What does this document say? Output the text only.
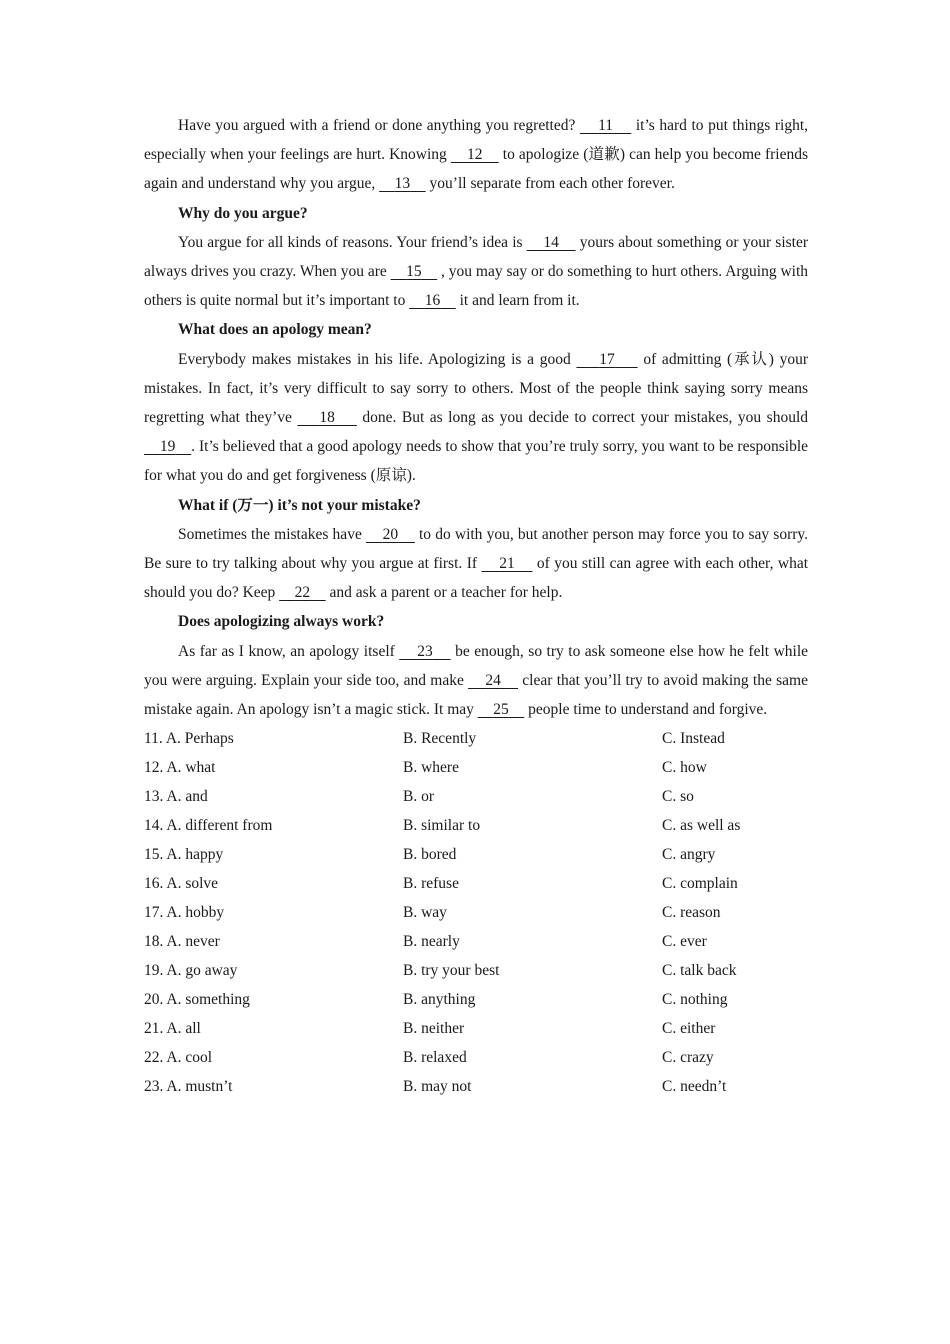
Have you argued with a friend or done anything you regretted?     11     it’s hard to put things right, especially when your feelings are hurt. Knowing     12     to apologize (道歉) can help you become friends again and understand why you argue,     13     you’ll separate from each other forever.

Why do you argue?

You argue for all kinds of reasons. Your friend’s idea is     14     yours about something or your sister always drives you crazy. When you are     15     , you may say or do something to hurt others. Arguing with others is quite normal but it’s important to     16     it and learn from it.

What does an apology mean?

Everybody makes mistakes in his life. Apologizing is a good     17     of admitting (承认) your mistakes. In fact, it’s very difficult to say sorry to others. Most of the people think saying sorry means regretting what they’ve     18     done. But as long as you decide to correct your mistakes, you should     19 . It’s believed that a good apology needs to show that you’re truly sorry, you want to be responsible for what you do and get forgiveness (原谅).

What if (万一) it’s not your mistake?

Sometimes the mistakes have     20     to do with you, but another person may force you to say sorry. Be sure to try talking about why you argue at first. If     21     of you still can agree with each other, what should you do? Keep     22     and ask a parent or a teacher for help.

Does apologizing always work?

As far as I know, an apology itself     23     be enough, so try to ask someone else how he felt while you were arguing. Explain your side too, and make     24     clear that you’ll try to avoid making the same mistake again. An apology isn’t a magic stick. It may     25     people time to understand and forgive.

11. A. Perhaps	B. Recently	C. Instead
12. A. what	B. where	C. how
13. A. and	B. or	C. so
14. A. different from	B. similar to	C. as well as
15. A. happy	B. bored	C. angry
16. A. solve	B. refuse	C. complain
17. A. hobby	B. way	C. reason
18. A. never	B. nearly	C. ever
19. A. go away	B. try your best	C. talk back
20. A. something	B. anything	C. nothing
21. A. all	B. neither	C. either
22. A. cool	B. relaxed	C. crazy
23. A. mustn’t	B. may not	C. needn’t
